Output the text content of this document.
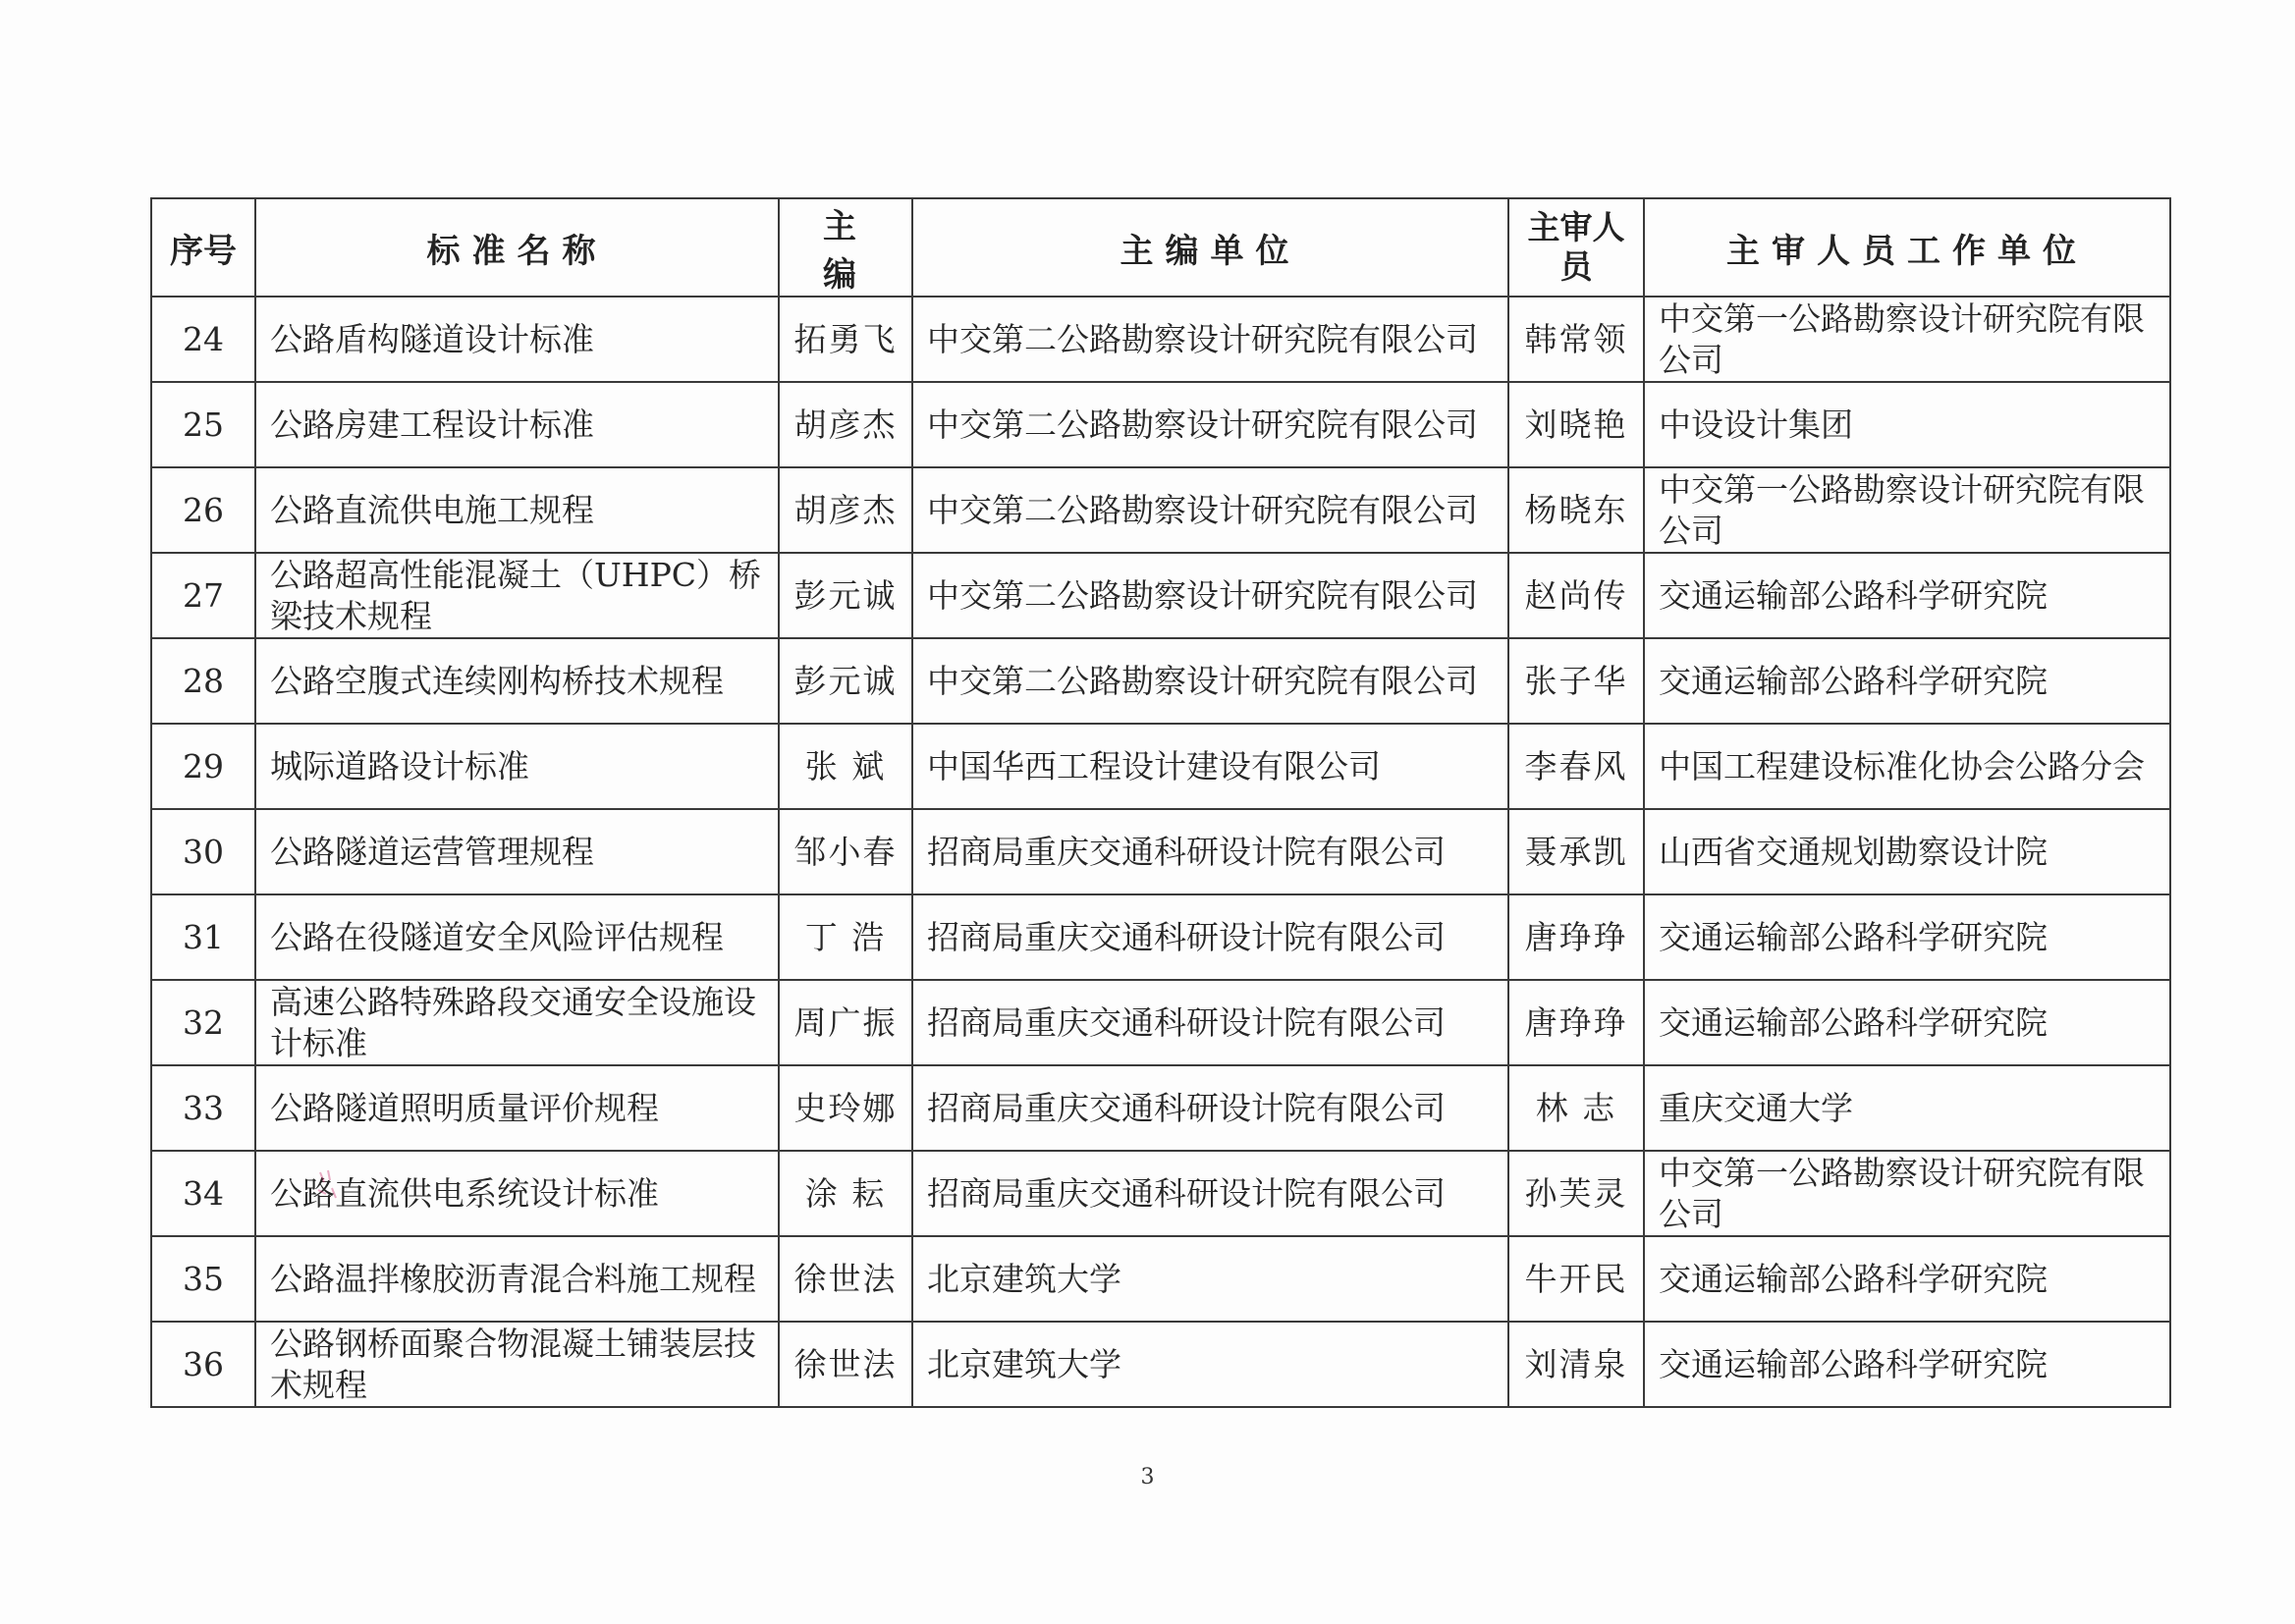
序号	标准名称	主 编	主编单位	主审人员	主审人员工作单位
24	公路盾构隧道设计标准	拓勇飞	中交第二公路勘察设计研究院有限公司	韩常领	中交第一公路勘察设计研究院有限公司
25	公路房建工程设计标准	胡彦杰	中交第二公路勘察设计研究院有限公司	刘晓艳	中设设计集团
26	公路直流供电施工规程	胡彦杰	中交第二公路勘察设计研究院有限公司	杨晓东	中交第一公路勘察设计研究院有限公司
27	公路超高性能混凝土（UHPC）桥梁技术规程	彭元诚	中交第二公路勘察设计研究院有限公司	赵尚传	交通运输部公路科学研究院
28	公路空腹式连续刚构桥技术规程	彭元诚	中交第二公路勘察设计研究院有限公司	张子华	交通运输部公路科学研究院
29	城际道路设计标准	张 斌	中国华西工程设计建设有限公司	李春风	中国工程建设标准化协会公路分会
30	公路隧道运营管理规程	邹小春	招商局重庆交通科研设计院有限公司	聂承凯	山西省交通规划勘察设计院
31	公路在役隧道安全风险评估规程	丁 浩	招商局重庆交通科研设计院有限公司	唐琤琤	交通运输部公路科学研究院
32	高速公路特殊路段交通安全设施设计标准	周广振	招商局重庆交通科研设计院有限公司	唐琤琤	交通运输部公路科学研究院
33	公路隧道照明质量评价规程	史玲娜	招商局重庆交通科研设计院有限公司	林 志	重庆交通大学
34	公路直流供电系统设计标准	涂 耘	招商局重庆交通科研设计院有限公司	孙芙灵	中交第一公路勘察设计研究院有限公司
35	公路温拌橡胶沥青混合料施工规程	徐世法	北京建筑大学	牛开民	交通运输部公路科学研究院
36	公路钢桥面聚合物混凝土铺装层技术规程	徐世法	北京建筑大学	刘清泉	交通运输部公路科学研究院
3
